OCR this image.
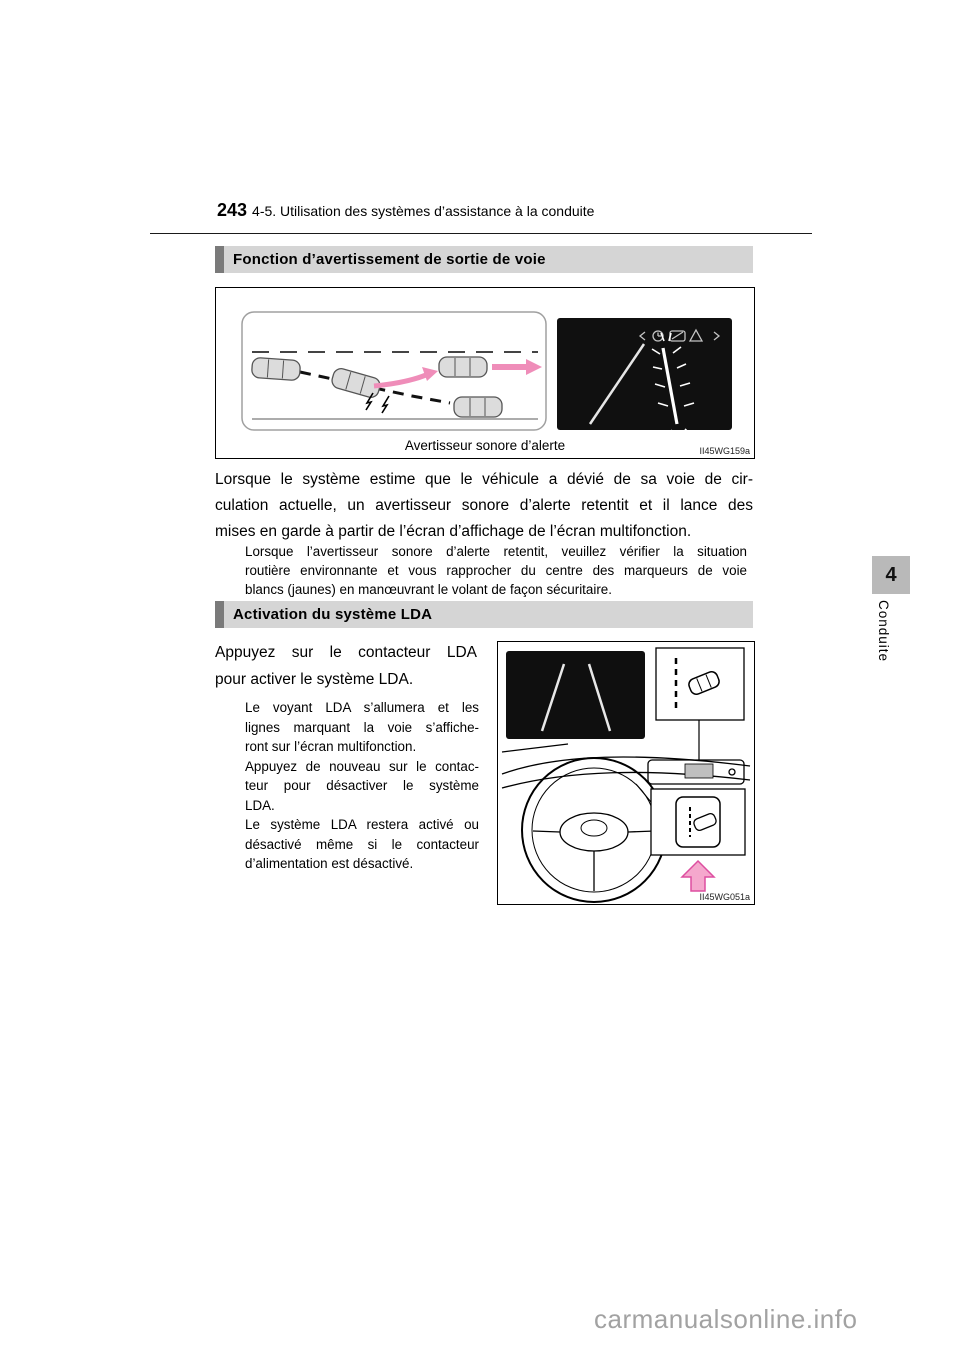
243 4-5. Utilisation des systèmes d’assistance à la conduite
Fonction d’avertissement de sortie de voie
Avertisseur sonore d’alerte	II45WG159a
Lorsque le système estime que le véhicule a dévié de sa voie de cir-
culation actuelle, un avertisseur sonore d’alerte retentit et il lance des
mises en garde à partir de l’écran d’affichage de l’écran multifonction.
Lorsque l’avertisseur sonore d’alerte retentit, veuillez vérifier la situation
routière environnante et vous rapprocher du centre des marqueurs de voie
blancs (jaunes) en manœuvrant le volant de façon sécuritaire.
Activation du système LDA
Appuyez sur le contacteur LDA
pour activer le système LDA.
Le voyant LDA s’allumera et les
lignes marquant la voie s’affiche-
ront sur l’écran multifonction.
Appuyez de nouveau sur le contac-
teur pour désactiver le système
LDA.
Le système LDA restera activé ou
désactivé même si le contacteur
d’alimentation est désactivé.
II45WG051a
4
Conduite
carmanualsonline.info
